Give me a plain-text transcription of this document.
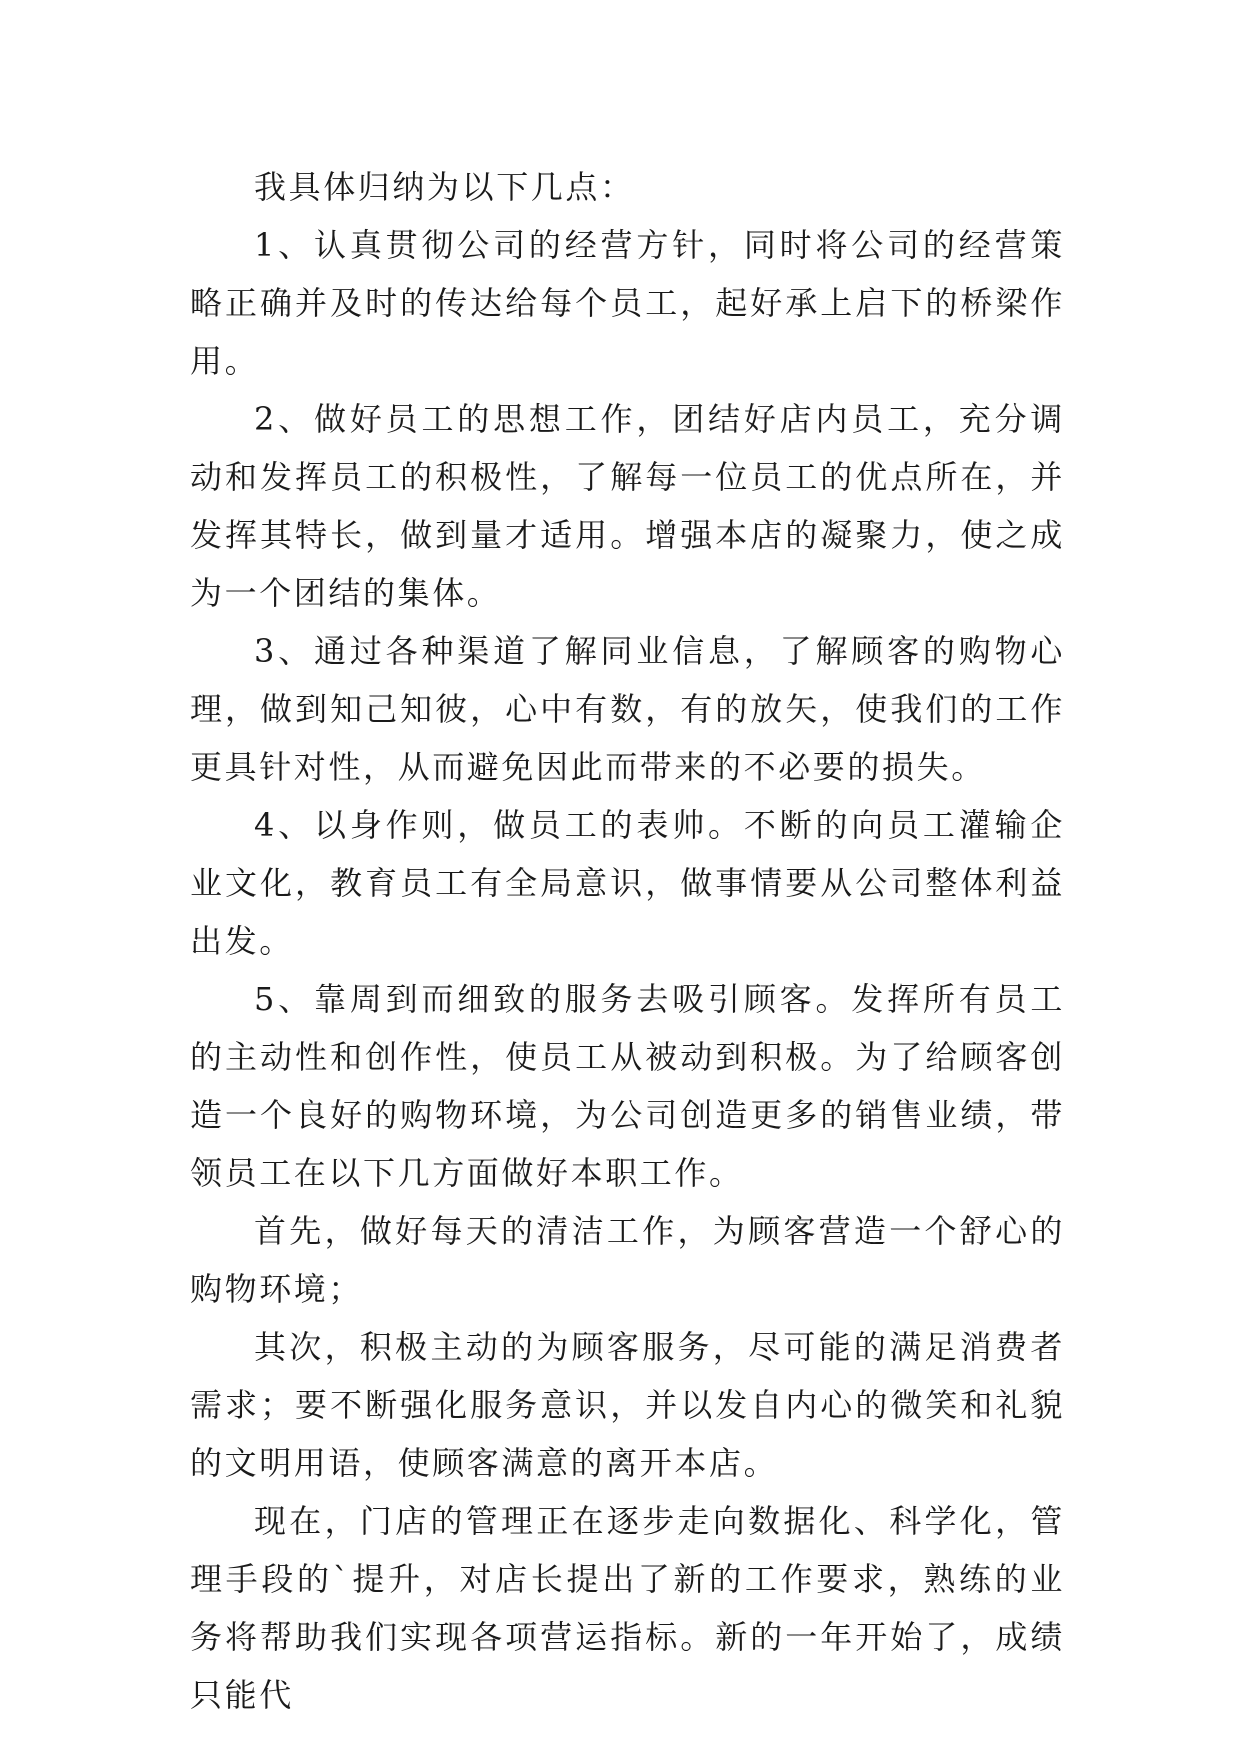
我具体归纳为以下几点：

1、认真贯彻公司的经营方针，同时将公司的经营策略正确并及时的传达给每个员工，起好承上启下的桥梁作用。

2、做好员工的思想工作，团结好店内员工，充分调动和发挥员工的积极性，了解每一位员工的优点所在，并发挥其特长，做到量才适用。增强本店的凝聚力，使之成为一个团结的集体。

3、通过各种渠道了解同业信息，了解顾客的购物心理，做到知己知彼，心中有数，有的放矢，使我们的工作更具针对性，从而避免因此而带来的不必要的损失。

4、以身作则，做员工的表帅。不断的向员工灌输企业文化，教育员工有全局意识，做事情要从公司整体利益出发。

5、靠周到而细致的服务去吸引顾客。发挥所有员工的主动性和创作性，使员工从被动到积极。为了给顾客创造一个良好的购物环境，为公司创造更多的销售业绩，带领员工在以下几方面做好本职工作。

首先，做好每天的清洁工作，为顾客营造一个舒心的购物环境；

其次，积极主动的为顾客服务，尽可能的满足消费者需求；要不断强化服务意识，并以发自内心的微笑和礼貌的文明用语，使顾客满意的离开本店。

现在，门店的管理正在逐步走向数据化、科学化，管理手段的`提升，对店长提出了新的工作要求，熟练的业务将帮助我们实现各项营运指标。新的一年开始了，成绩只能代
